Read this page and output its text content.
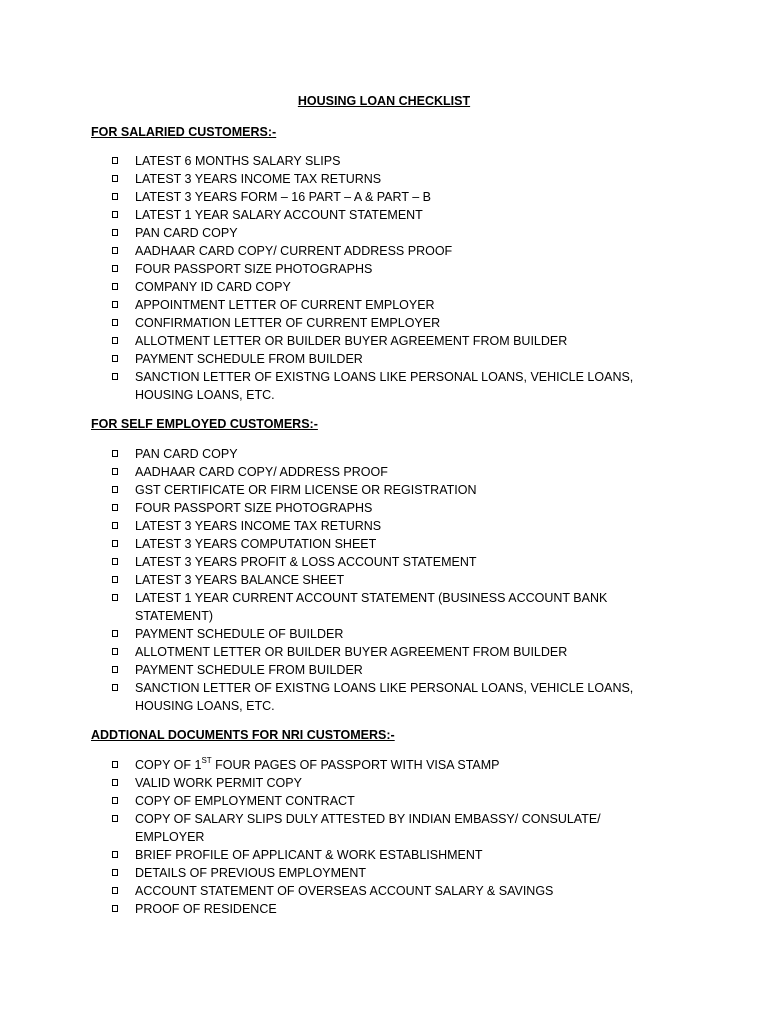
HOUSING LOAN CHECKLIST
FOR SALARIED CUSTOMERS:-
LATEST 6 MONTHS SALARY SLIPS
LATEST 3 YEARS INCOME TAX RETURNS
LATEST 3 YEARS FORM – 16 PART – A & PART – B
LATEST 1 YEAR SALARY ACCOUNT STATEMENT
PAN CARD COPY
AADHAAR CARD COPY/ CURRENT ADDRESS PROOF
FOUR PASSPORT SIZE PHOTOGRAPHS
COMPANY ID CARD COPY
APPOINTMENT LETTER OF CURRENT EMPLOYER
CONFIRMATION LETTER OF CURRENT EMPLOYER
ALLOTMENT LETTER OR BUILDER BUYER AGREEMENT FROM BUILDER
PAYMENT SCHEDULE FROM BUILDER
SANCTION LETTER OF EXISTNG LOANS LIKE PERSONAL LOANS, VEHICLE LOANS, HOUSING LOANS, ETC.
FOR SELF EMPLOYED CUSTOMERS:-
PAN CARD COPY
AADHAAR CARD COPY/ ADDRESS PROOF
GST CERTIFICATE OR FIRM LICENSE OR REGISTRATION
FOUR PASSPORT SIZE PHOTOGRAPHS
LATEST 3 YEARS INCOME TAX RETURNS
LATEST 3 YEARS COMPUTATION SHEET
LATEST 3 YEARS PROFIT & LOSS ACCOUNT STATEMENT
LATEST 3 YEARS BALANCE SHEET
LATEST 1 YEAR CURRENT ACCOUNT STATEMENT (BUSINESS ACCOUNT BANK STATEMENT)
PAYMENT SCHEDULE OF BUILDER
ALLOTMENT LETTER OR BUILDER BUYER AGREEMENT FROM BUILDER
PAYMENT SCHEDULE FROM BUILDER
SANCTION LETTER OF EXISTNG LOANS LIKE PERSONAL LOANS, VEHICLE LOANS, HOUSING LOANS, ETC.
ADDTIONAL DOCUMENTS FOR NRI CUSTOMERS:-
COPY OF 1ST FOUR PAGES OF PASSPORT WITH VISA STAMP
VALID WORK PERMIT COPY
COPY OF EMPLOYMENT CONTRACT
COPY OF SALARY SLIPS DULY ATTESTED BY INDIAN EMBASSY/ CONSULATE/ EMPLOYER
BRIEF PROFILE OF APPLICANT & WORK ESTABLISHMENT
DETAILS OF PREVIOUS EMPLOYMENT
ACCOUNT STATEMENT OF OVERSEAS ACCOUNT SALARY & SAVINGS
PROOF OF RESIDENCE
